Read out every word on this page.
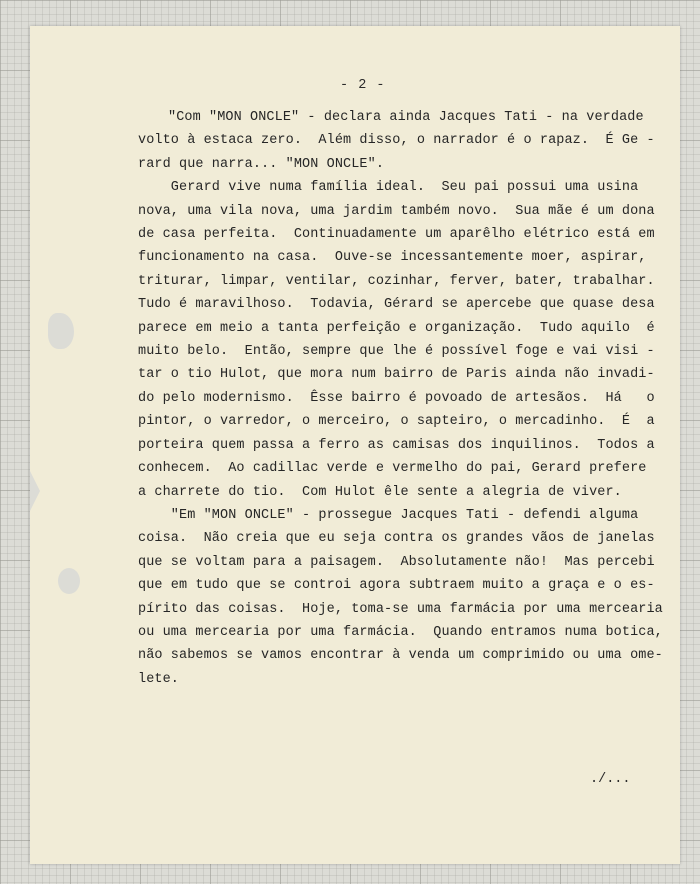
- 2 -
"Com "MON ONCLE" - declara ainda Jacques Tati - na verdade
volto à estaca zero.  Além disso, o narrador é o rapaz.  É Ge -
rard que narra... "MON ONCLE".
Gerard vive numa família ideal.  Seu pai possui uma usina
nova, uma vila nova, uma jardim também novo.  Sua mãe é um dona
de casa perfeita.  Continuadamente um aparêlho elétrico está em
funcionamento na casa.  Ouve-se incessantemente moer, aspirar,
triturar, limpar, ventilar, cozinhar, ferver, bater, trabalhar.
Tudo é maravilhoso.  Todavia, Gérard se apercebe que quase desa
parece em meio a tanta perfeição e organização.  Tudo aquilo  é
muito belo.  Então, sempre que lhe é possível foge e vai visi -
tar o tio Hulot, que mora num bairro de Paris ainda não invadi-
do pelo modernismo.  Êsse bairro é povoado de artesãos.  Há   o
pintor, o varredor, o merceiro, o sapteiro, o mercadinho.  É  a
porteira quem passa a ferro as camisas dos inquilinos.  Todos a
conhecem.  Ao cadillac verde e vermelho do pai, Gerard prefere
a charrete do tio.  Com Hulot êle sente a alegria de viver.
"Em "MON ONCLE" - prossegue Jacques Tati - defendi alguma
coisa.  Não creia que eu seja contra os grandes vãos de janelas
que se voltam para a paisagem.  Absolutamente não!  Mas percebi
que em tudo que se controi agora subtraem muito a graça e o es-
pírito das coisas.  Hoje, toma-se uma farmácia por uma mercearia
ou uma mercearia por uma farmácia.  Quando entramos numa botica,
não sabemos se vamos encontrar à venda um comprimido ou uma ome-
lete.
./...
